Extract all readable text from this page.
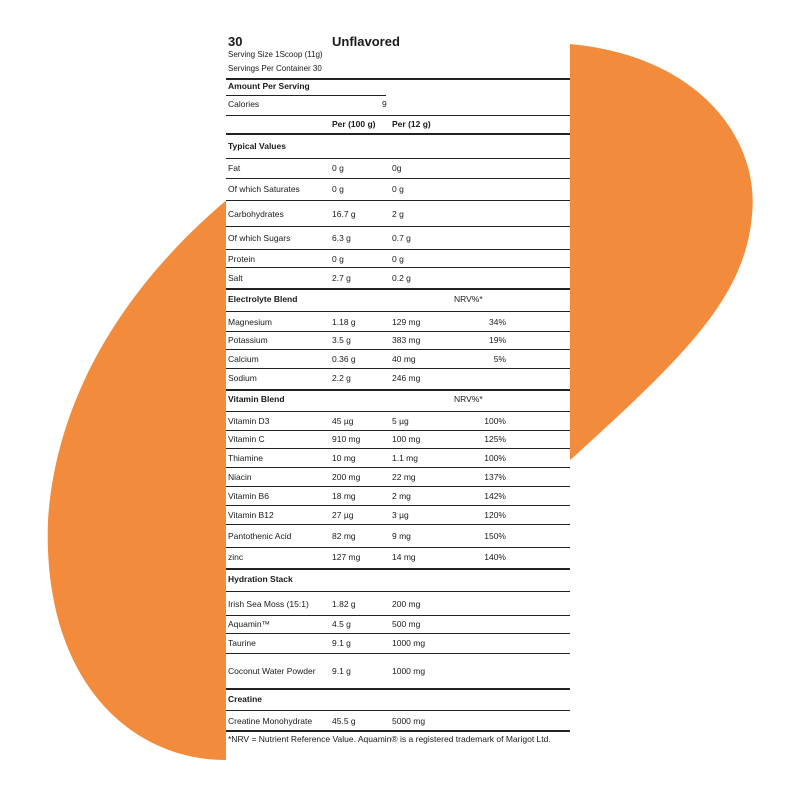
30	Unflavored
Serving Size 1Scoop (11g)
Servings Per Container 30
Amount Per Serving
Calories	9
Per (100 g) Per (12 g)
Typical Values
Fat	0 g	0g
Of which Saturates	0 g	0 g
Carbohydrates	16.7 g	2 g
Of which Sugars	6.3 g	0.7 g
Protein	0 g	0 g
Salt	2.7 g	0.2 g
Electrolyte Blend	NRV%*
Magnesium	1.18 g	129 mg	34%
Potassium	3.5 g	383 mg	19%
Calcium	0.36 g	40 mg	5%
Sodium	2.2 g	246 mg
Vitamin Blend	NRV%*
Vitamin D3	45 µg	5 µg	100%
Vitamin C	910 mg	100 mg	125%
Thiamine	10 mg	1.1 mg	100%
Niacin	200 mg	22 mg	137%
Vitamin B6	18 mg	2 mg	142%
Vitamin B12	27 µg	3 µg	120%
Pantothenic Acid	82 mg	9 mg	150%
zinc	127 mg	14 mg	140%
Hydration Stack
Irish Sea Moss (15:1)	1.82 g	200 mg
Aquamin™	4.5 g	500 mg
Taurine	9.1 g	1000 mg
Coconut Water Powder 9.1 g	1000 mg
Creatine
Creatine Monohydrate 45.5 g	5000 mg
*NRV = Nutrient Reference Value. Aquamin® is a registered trademark of Marigot Ltd.
